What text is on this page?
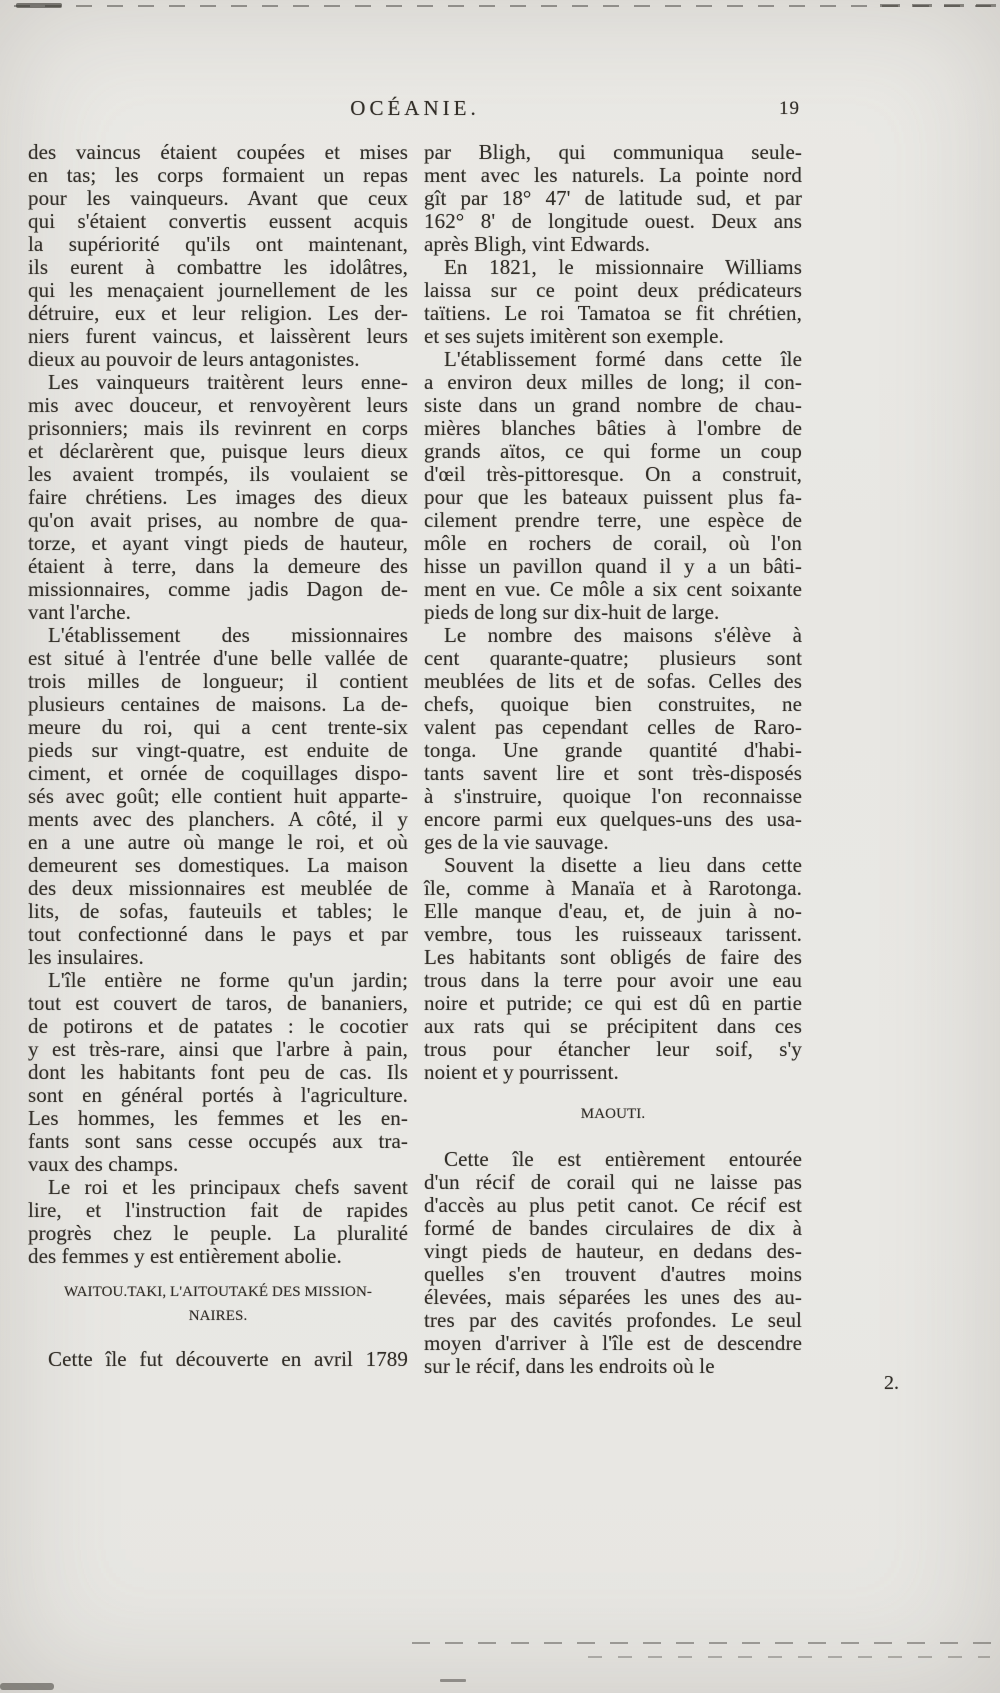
OCÉANIE.	19
des vaincus étaient coupées et mises
en tas; les corps formaient un repas
pour les vainqueurs. Avant que ceux
qui s'étaient convertis eussent acquis
la supériorité qu'ils ont maintenant,
ils eurent à combattre les idolâtres,
qui les menaçaient journellement de les
détruire, eux et leur religion. Les der-
niers furent vaincus, et laissèrent leurs
dieux au pouvoir de leurs antagonistes.
Les vainqueurs traitèrent leurs enne-
mis avec douceur, et renvoyèrent leurs
prisonniers; mais ils revinrent en corps
et déclarèrent que, puisque leurs dieux
les avaient trompés, ils voulaient se
faire chrétiens. Les images des dieux
qu'on avait prises, au nombre de qua-
torze, et ayant vingt pieds de hauteur,
étaient à terre, dans la demeure des
missionnaires, comme jadis Dagon de-
vant l'arche.
L'établissement des missionnaires
est situé à l'entrée d'une belle vallée de
trois milles de longueur; il contient
plusieurs centaines de maisons. La de-
meure du roi, qui a cent trente-six
pieds sur vingt-quatre, est enduite de
ciment, et ornée de coquillages dispo-
sés avec goût; elle contient huit apparte-
ments avec des planchers. A côté, il y
en a une autre où mange le roi, et où
demeurent ses domestiques. La maison
des deux missionnaires est meublée de
lits, de sofas, fauteuils et tables; le
tout confectionné dans le pays et par
les insulaires.
L'île entière ne forme qu'un jardin;
tout est couvert de taros, de bananiers,
de potirons et de patates : le cocotier
y est très-rare, ainsi que l'arbre à pain,
dont les habitants font peu de cas. Ils
sont en général portés à l'agriculture.
Les hommes, les femmes et les en-
fants sont sans cesse occupés aux tra-
vaux des champs.
Le roi et les principaux chefs savent
lire, et l'instruction fait de rapides
progrès chez le peuple. La pluralité
des femmes y est entièrement abolie.
WAITOU.TAKI, L'AITOUTAKÉ DES MISSION-
NAIRES.
Cette île fut découverte en avril 1789
par Bligh, qui communiqua seule-
ment avec les naturels. La pointe nord
gît par 18° 47' de latitude sud, et par
162° 8' de longitude ouest. Deux ans
après Bligh, vint Edwards.
En 1821, le missionnaire Williams
laissa sur ce point deux prédicateurs
taïtiens. Le roi Tamatoa se fit chrétien,
et ses sujets imitèrent son exemple.
L'établissement formé dans cette île
a environ deux milles de long; il con-
siste dans un grand nombre de chau-
mières blanches bâties à l'ombre de
grands aïtos, ce qui forme un coup
d'œil très-pittoresque. On a construit,
pour que les bateaux puissent plus fa-
cilement prendre terre, une espèce de
môle en rochers de corail, où l'on
hisse un pavillon quand il y a un bâti-
ment en vue. Ce môle a six cent soixante
pieds de long sur dix-huit de large.
Le nombre des maisons s'élève à
cent quarante-quatre; plusieurs sont
meublées de lits et de sofas. Celles des
chefs, quoique bien construites, ne
valent pas cependant celles de Raro-
tonga. Une grande quantité d'habi-
tants savent lire et sont très-disposés
à s'instruire, quoique l'on reconnaisse
encore parmi eux quelques-uns des usa-
ges de la vie sauvage.
Souvent la disette a lieu dans cette
île, comme à Manaïa et à Rarotonga.
Elle manque d'eau, et, de juin à no-
vembre, tous les ruisseaux tarissent.
Les habitants sont obligés de faire des
trous dans la terre pour avoir une eau
noire et putride; ce qui est dû en partie
aux rats qui se précipitent dans ces
trous pour étancher leur soif, s'y
noient et y pourrissent.
MAOUTI.
Cette île est entièrement entourée
d'un récif de corail qui ne laisse pas
d'accès au plus petit canot. Ce récif est
formé de bandes circulaires de dix à
vingt pieds de hauteur, en dedans des-
quelles s'en trouvent d'autres moins
élevées, mais séparées les unes des au-
tres par des cavités profondes. Le seul
moyen d'arriver à l'île est de descendre
sur le récif, dans les endroits où le
2.
